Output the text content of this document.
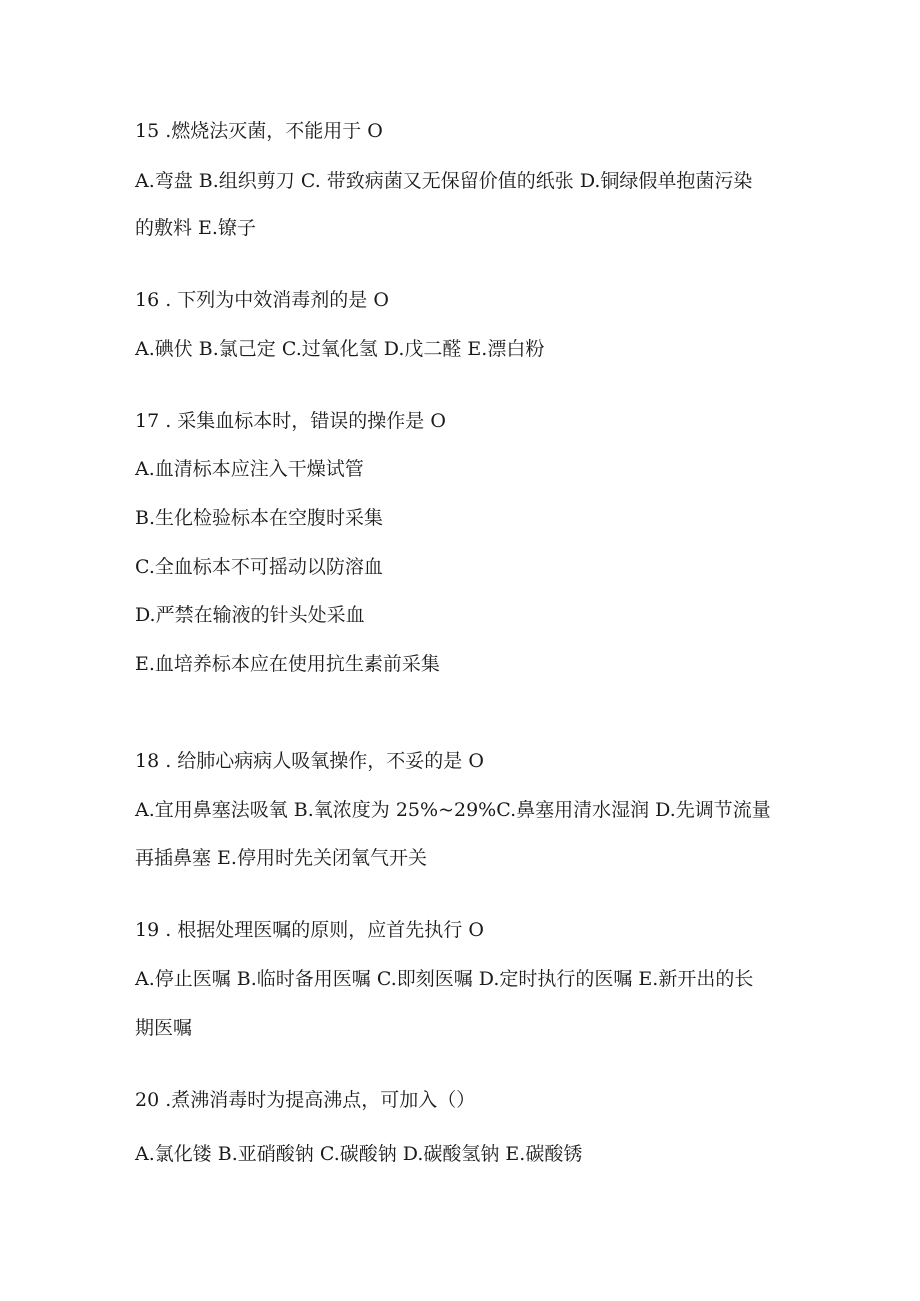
15 .燃烧法灭菌，不能用于 O
A.弯盘 B.组织剪刀 C. 带致病菌又无保留价值的纸张 D.铜绿假单抱菌污染
的敷料 E.镣子
16 . 下列为中效消毒剂的是 O
A.碘伏 B.氯己定 C.过氧化氢 D.戊二醛 E.漂白粉
17 . 采集血标本时，错误的操作是 O
A.血清标本应注入干燥试管
B.生化检验标本在空腹时采集
C.全血标本不可摇动以防溶血
D.严禁在输液的针头处采血
E.血培养标本应在使用抗生素前采集
18 . 给肺心病病人吸氧操作，不妥的是 O
A.宜用鼻塞法吸氧 B.氧浓度为 25%~29%C.鼻塞用清水湿润 D.先调节流量
再插鼻塞 E.停用时先关闭氧气开关
19 . 根据处理医嘱的原则，应首先执行 O
A.停止医嘱 B.临时备用医嘱 C.即刻医嘱 D.定时执行的医嘱 E.新开出的长
期医嘱
20 .煮沸消毒时为提高沸点，可加入（）
A.氯化镂 B.亚硝酸钠 C.碳酸钠 D.碳酸氢钠 E.碳酸锈
